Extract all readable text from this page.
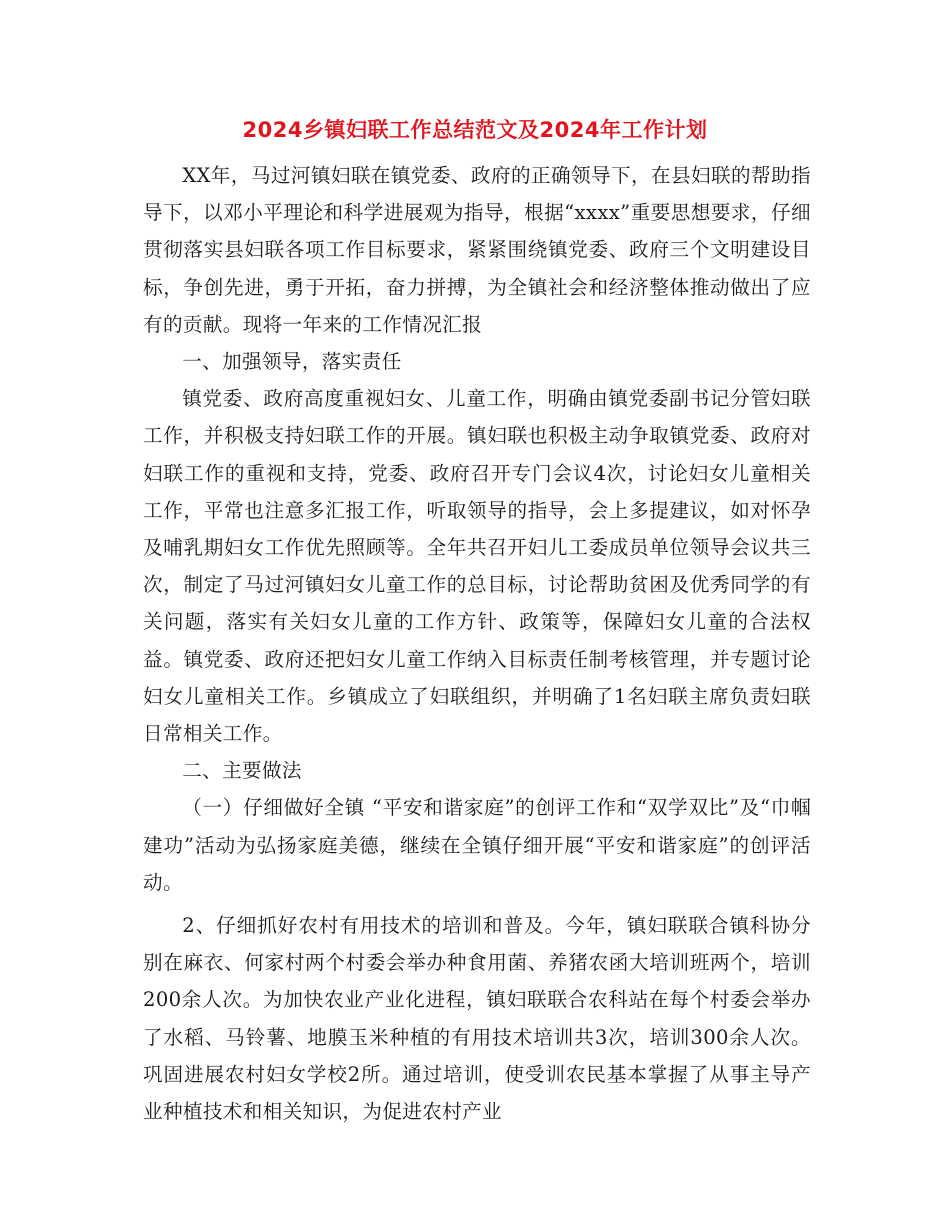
2024乡镇妇联工作总结范文及2024年工作计划

XX年，马过河镇妇联在镇党委、政府的正确领导下，在县妇联的帮助指导下，以邓小平理论和科学进展观为指导，根据“xxxx”重要思想要求，仔细贯彻落实县妇联各项工作目标要求，紧紧围绕镇党委、政府三个文明建设目标，争创先进，勇于开拓，奋力拼搏，为全镇社会和经济整体推动做出了应有的贡献。现将一年来的工作情况汇报

一、加强领导，落实责任

镇党委、政府高度重视妇女、儿童工作，明确由镇党委副书记分管妇联工作，并积极支持妇联工作的开展。镇妇联也积极主动争取镇党委、政府对妇联工作的重视和支持，党委、政府召开专门会议4次，讨论妇女儿童相关工作，平常也注意多汇报工作，听取领导的指导，会上多提建议，如对怀孕及哺乳期妇女工作优先照顾等。全年共召开妇儿工委成员单位领导会议共三次，制定了马过河镇妇女儿童工作的总目标，讨论帮助贫困及优秀同学的有关问题，落实有关妇女儿童的工作方针、政策等，保障妇女儿童的合法权益。镇党委、政府还把妇女儿童工作纳入目标责任制考核管理，并专题讨论妇女儿童相关工作。乡镇成立了妇联组织，并明确了1名妇联主席负责妇联日常相关工作。

二、主要做法

（一）仔细做好全镇 “平安和谐家庭”的创评工作和“双学双比”及“巾帼建功”活动为弘扬家庭美德，继续在全镇仔细开展“平安和谐家庭”的创评活动。

2、仔细抓好农村有用技术的培训和普及。今年，镇妇联联合镇科协分别在麻衣、何家村两个村委会举办种食用菌、养猪农函大培训班两个，培训200余人次。为加快农业产业化进程，镇妇联联合农科站在每个村委会举办了水稻、马铃薯、地膜玉米种植的有用技术培训共3次，培训300余人次。巩固进展农村妇女学校2所。通过培训，使受训农民基本掌握了从事主导产业种植技术和相关知识，为促进农村产业
